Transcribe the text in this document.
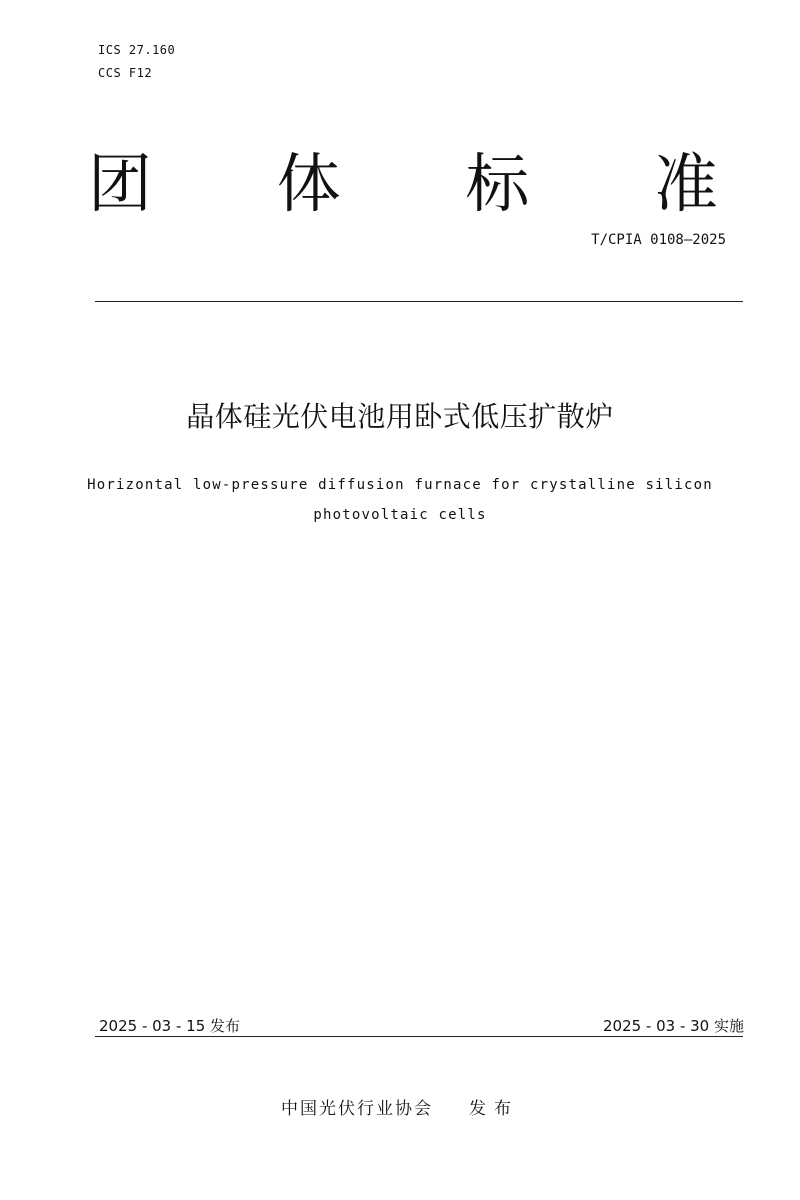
ICS 27.160
CCS F12
团 体 标 准
T/CPIA 0108—2025
晶体硅光伏电池用卧式低压扩散炉
Horizontal low-pressure diffusion furnace for crystalline silicon
photovoltaic cells
2025 - 03 - 15 发布	2025 - 03 - 30 实施
中国光伏行业协会 发布
